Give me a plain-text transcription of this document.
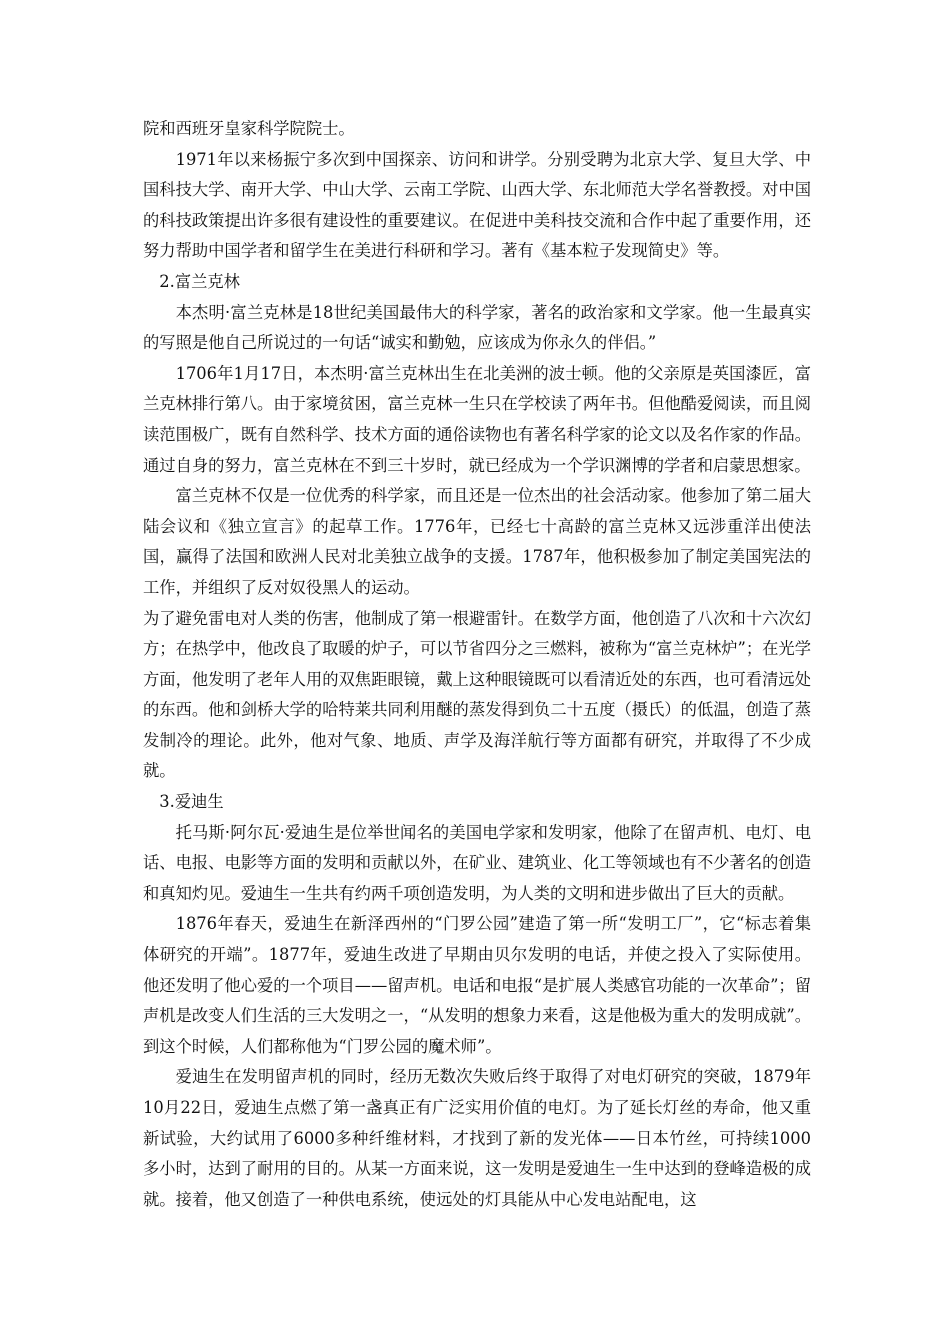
院和西班牙皇家科学院院士。

1971年以来杨振宁多次到中国探亲、访问和讲学。分别受聘为北京大学、复旦大学、中国科技大学、南开大学、中山大学、云南工学院、山西大学、东北师范大学名誉教授。对中国的科技政策提出许多很有建设性的重要建议。在促进中美科技交流和合作中起了重要作用，还努力帮助中国学者和留学生在美进行科研和学习。著有《基本粒子发现简史》等。

2.富兰克林

本杰明·富兰克林是18世纪美国最伟大的科学家，著名的政治家和文学家。他一生最真实的写照是他自己所说过的一句话“诚实和勤勉，应该成为你永久的伴侣。”

1706年1月17日，本杰明·富兰克林出生在北美洲的波士顿。他的父亲原是英国漆匠，富兰克林排行第八。由于家境贫困，富兰克林一生只在学校读了两年书。但他酷爱阅读，而且阅读范围极广，既有自然科学、技术方面的通俗读物也有著名科学家的论文以及名作家的作品。通过自身的努力，富兰克林在不到三十岁时，就已经成为一个学识渊博的学者和启蒙思想家。

富兰克林不仅是一位优秀的科学家，而且还是一位杰出的社会活动家。他参加了第二届大陆会议和《独立宣言》的起草工作。1776年，已经七十高龄的富兰克林又远涉重洋出使法国，赢得了法国和欧洲人民对北美独立战争的支援。1787年，他积极参加了制定美国宪法的工作，并组织了反对奴役黑人的运动。

为了避免雷电对人类的伤害，他制成了第一根避雷针。在数学方面，他创造了八次和十六次幻方；在热学中，他改良了取暖的炉子，可以节省四分之三燃料，被称为“富兰克林炉”；在光学方面，他发明了老年人用的双焦距眼镜，戴上这种眼镜既可以看清近处的东西，也可看清远处的东西。他和剑桥大学的哈特莱共同利用醚的蒸发得到负二十五度（摄氏）的低温，创造了蒸发制冷的理论。此外，他对气象、地质、声学及海洋航行等方面都有研究，并取得了不少成就。

3.爱迪生

托马斯·阿尔瓦·爱迪生是位举世闻名的美国电学家和发明家，他除了在留声机、电灯、电话、电报、电影等方面的发明和贡献以外，在矿业、建筑业、化工等领域也有不少著名的创造和真知灼见。爱迪生一生共有约两千项创造发明，为人类的文明和进步做出了巨大的贡献。

1876年春天，爱迪生在新泽西州的“门罗公园”建造了第一所“发明工厂”，它“标志着集体研究的开端”。1877年，爱迪生改进了早期由贝尔发明的电话，并使之投入了实际使用。他还发明了他心爱的一个项目——留声机。电话和电报“是扩展人类感官功能的一次革命”；留声机是改变人们生活的三大发明之一，“从发明的想象力来看，这是他极为重大的发明成就”。到这个时候，人们都称他为“门罗公园的魔术师”。

爱迪生在发明留声机的同时，经历无数次失败后终于取得了对电灯研究的突破，1879年10月22日，爱迪生点燃了第一盏真正有广泛实用价值的电灯。为了延长灯丝的寿命，他又重新试验，大约试用了6000多种纤维材料，才找到了新的发光体——日本竹丝，可持续1000多小时，达到了耐用的目的。从某一方面来说，这一发明是爱迪生一生中达到的登峰造极的成就。接着，他又创造了一种供电系统，使远处的灯具能从中心发电站配电，这
